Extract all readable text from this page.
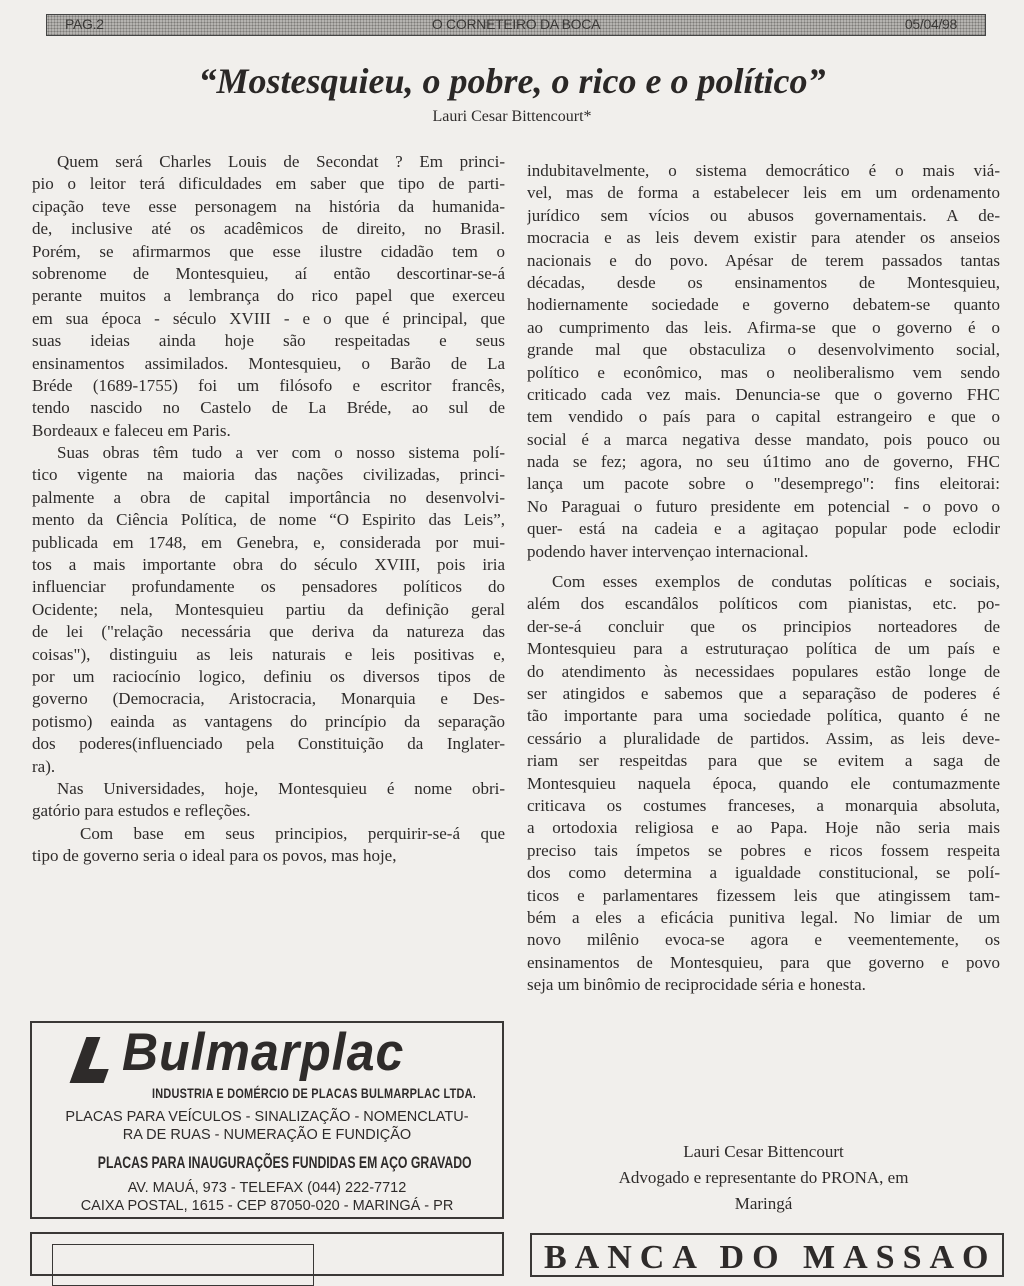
PAG.2	O CORNETEIRO DA BOCA	05/04/98
“Mostesquieu, o pobre, o rico e o político”
Lauri Cesar Bittencourt*
Quem será Charles Louis de Secondat ? Em princi-
pio o leitor terá dificuldades em saber que tipo de parti-
cipação teve esse personagem na história da humanida-
de, inclusive até os acadêmicos de direito, no Brasil.
Porém, se afirmarmos que esse ilustre cidadão tem o
sobrenome de Montesquieu, aí então descortinar-se-á
perante muitos a lembrança do rico papel que exerceu
em sua época - século XVIII - e o que é principal, que
suas ideias ainda hoje são respeitadas e seus
ensinamentos assimilados. Montesquieu, o Barão de La
Bréde (1689-1755) foi um filósofo e escritor francês,
tendo nascido no Castelo de La Bréde, ao sul de
Bordeaux e faleceu em Paris.
Suas obras têm tudo a ver com o nosso sistema polí-
tico vigente na maioria das nações civilizadas, princi-
palmente a obra de capital importância no desenvolvi-
mento da Ciência Política, de nome “O Espirito das Leis”,
publicada em 1748, em Genebra, e, considerada por mui-
tos a mais importante obra do século XVIII, pois iria
influenciar profundamente os pensadores políticos do
Ocidente; nela, Montesquieu partiu da definição geral
de lei ("relação necessária que deriva da natureza das
coisas"), distinguiu as leis naturais e leis positivas e,
por um raciocínio logico, definiu os diversos tipos de
governo (Democracia, Aristocracia, Monarquia e Des-
potismo) eainda as vantagens do princípio da separação
dos poderes(influenciado pela Constituição da Inglater-
ra).
Nas Universidades, hoje, Montesquieu é nome obri-
gatório para estudos e refleções.
Com base em seus principios, perquirir-se-á que
tipo de governo seria o ideal para os povos, mas hoje,
indubitavelmente, o sistema democrático é o mais viá-
vel, mas de forma a estabelecer leis em um ordenamento
jurídico sem vícios ou abusos governamentais. A de-
mocracia e as leis devem existir para atender os anseios
nacionais e do povo. Apésar de terem passados tantas
décadas, desde os ensinamentos de Montesquieu,
hodiernamente sociedade e governo debatem-se quanto
ao cumprimento das leis. Afirma-se que o governo é o
grande mal que obstaculiza o desenvolvimento social,
político e econômico, mas o neoliberalismo vem sendo
criticado cada vez mais. Denuncia-se que o governo FHC
tem vendido o país para o capital estrangeiro e que o
social é a marca negativa desse mandato, pois pouco ou
nada se fez; agora, no seu ú1timo ano de governo, FHC
lança um pacote sobre o "desemprego": fins eleitorai:
No Paraguai o futuro presidente em potencial - o povo o
quer- está na cadeia e a agitaçao popular pode eclodir
podendo haver intervençao internacional.
Com esses exemplos de condutas políticas e sociais,
além dos escandâlos políticos com pianistas, etc. po-
der-se-á concluir que os principios norteadores de
Montesquieu para a estruturaçao política de um país e
do atendimento às necessidaes populares estão longe de
ser atingidos e sabemos que a separaçãso de poderes é
tão importante para uma sociedade política, quanto é ne
cessário a pluralidade de partidos. Assim, as leis deve-
riam ser respeitdas para que se evitem a saga de
Montesquieu naquela época, quando ele contumazmente
criticava os costumes franceses, a monarquia absoluta,
a ortodoxia religiosa e ao Papa. Hoje não seria mais
preciso tais ímpetos se pobres e ricos fossem respeita
dos como determina a igualdade constitucional, se polí-
ticos e parlamentares fizessem leis que atingissem tam-
bém a eles a eficácia punitiva legal. No limiar de um
novo milênio evoca-se agora e veementemente, os
ensinamentos de Montesquieu, para que governo e povo
seja um binômio de reciprocidade séria e honesta.
Lauri Cesar Bittencourt
Advogado e representante do PRONA, em
Maringá
Bulmarplac
INDUSTRIA E DOMÉRCIO DE PLACAS BULMARPLAC LTDA.
PLACAS PARA VEÍCULOS - SINALIZAÇÃO - NOMENCLATU-
RA DE RUAS - NUMERAÇÃO E FUNDIÇÃO
PLACAS PARA INAUGURAÇÕES FUNDIDAS EM AÇO GRAVADO
AV. MAUÁ, 973 - TELEFAX (044) 222-7712
CAIXA POSTAL, 1615 - CEP 87050-020 - MARINGÁ - PR
BANCA DO MASSAO
